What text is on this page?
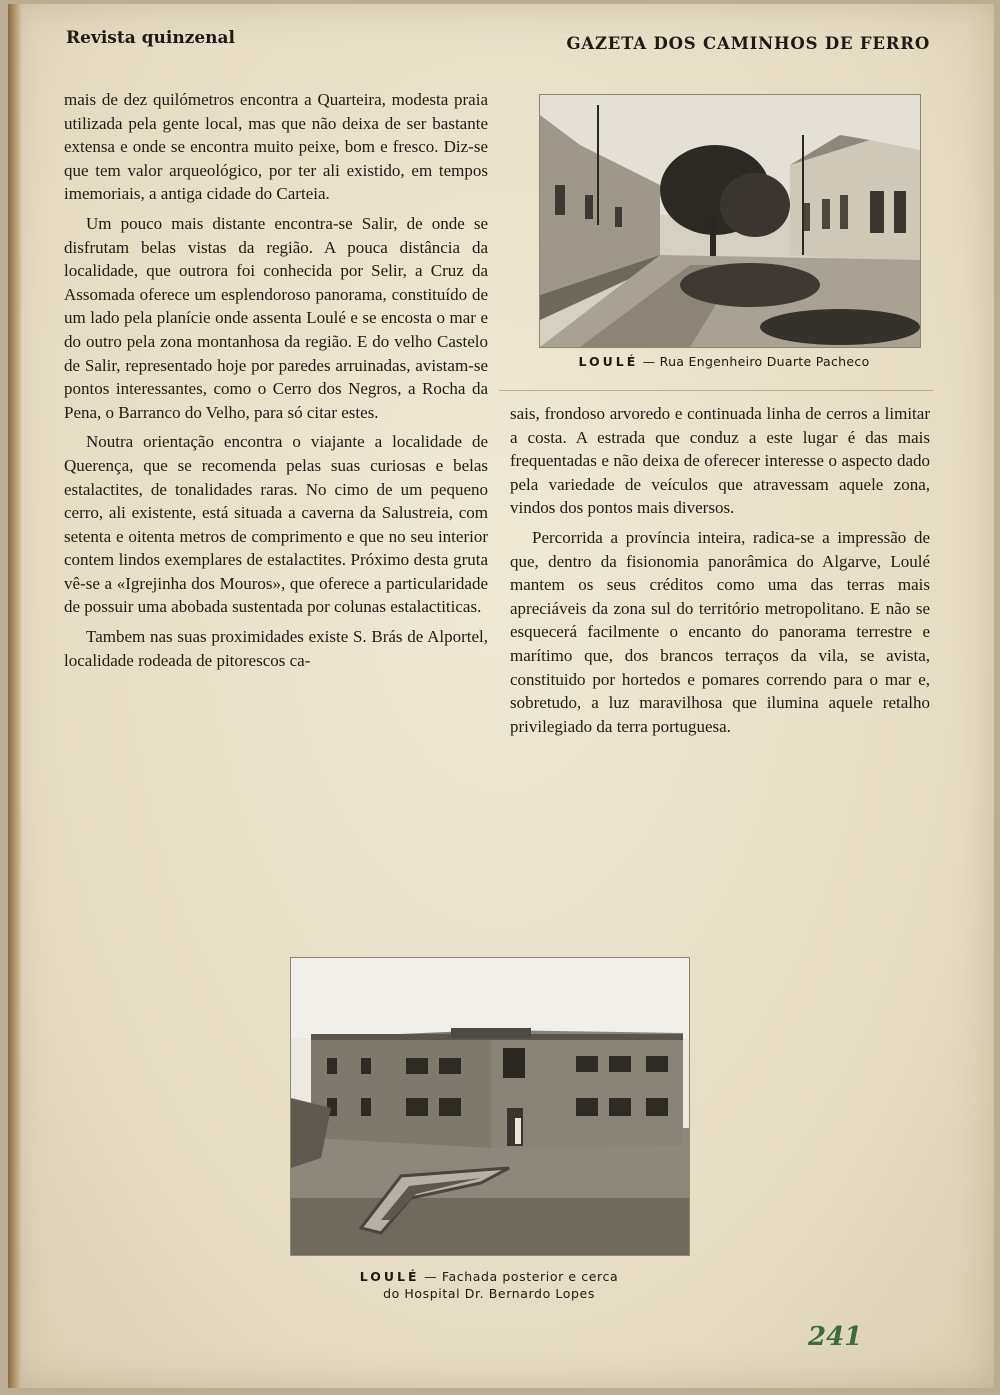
Revista quinzenal	GAZETA DOS CAMINHOS DE FERRO

mais de dez quilómetros encontra a Quarteira, modesta praia utilizada pela gente local, mas que não deixa de ser bastante extensa e onde se encontra muito peixe, bom e fresco. Diz-se que tem valor arqueológico, por ter ali existido, em tempos imemoriais, a antiga cidade do Carteia.

Um pouco mais distante encontra-se Salir, de onde se disfrutam belas vistas da região. A pouca distância da localidade, que outrora foi conhecida por Selir, a Cruz da Assomada oferece um esplendoroso panorama, constituído de um lado pela planície onde assenta Loulé e se encosta o mar e do outro pela zona montanhosa da região. E do velho Castelo de Salir, representado hoje por paredes arruinadas, avistam-se pontos interessantes, como o Cerro dos Negros, a Rocha da Pena, o Barranco do Velho, para só citar estes.

Noutra orientação encontra o viajante a localidade de Querença, que se recomenda pelas suas curiosas e belas estalactites, de tonalidades raras. No cimo de um pequeno cerro, ali existente, está situada a caverna da Salustreia, com setenta e oitenta metros de comprimento e que no seu interior contem lindos exemplares de estalactites. Próximo desta gruta vê-se a «Igrejinha dos Mouros», que oferece a particularidade de possuir uma abobada sustentada por colunas estalactiticas.

Tambem nas suas proximidades existe S. Brás de Alportel, localidade rodeada de pitorescos ca-

LOULÉ — Rua Engenheiro Duarte Pacheco

sais, frondoso arvoredo e continuada linha de cerros a limitar a costa. A estrada que conduz a este lugar é das mais frequentadas e não deixa de oferecer interesse o aspecto dado pela variedade de veículos que atravessam aquele zona, vindos dos pontos mais diversos.

Percorrida a província inteira, radica-se a impressão de que, dentro da fisionomia panorâmica do Algarve, Loulé mantem os seus créditos como uma das terras mais apreciáveis da zona sul do território metropolitano. E não se esquecerá facilmente o encanto do panorama terrestre e marítimo que, dos brancos terraços da vila, se avista, constituido por hortedos e pomares correndo para o mar e, sobretudo, a luz maravilhosa que ilumina aquele retalho privilegiado da terra portuguesa.

LOULÉ — Fachada posterior e cerca
do Hospital Dr. Bernardo Lopes
241
